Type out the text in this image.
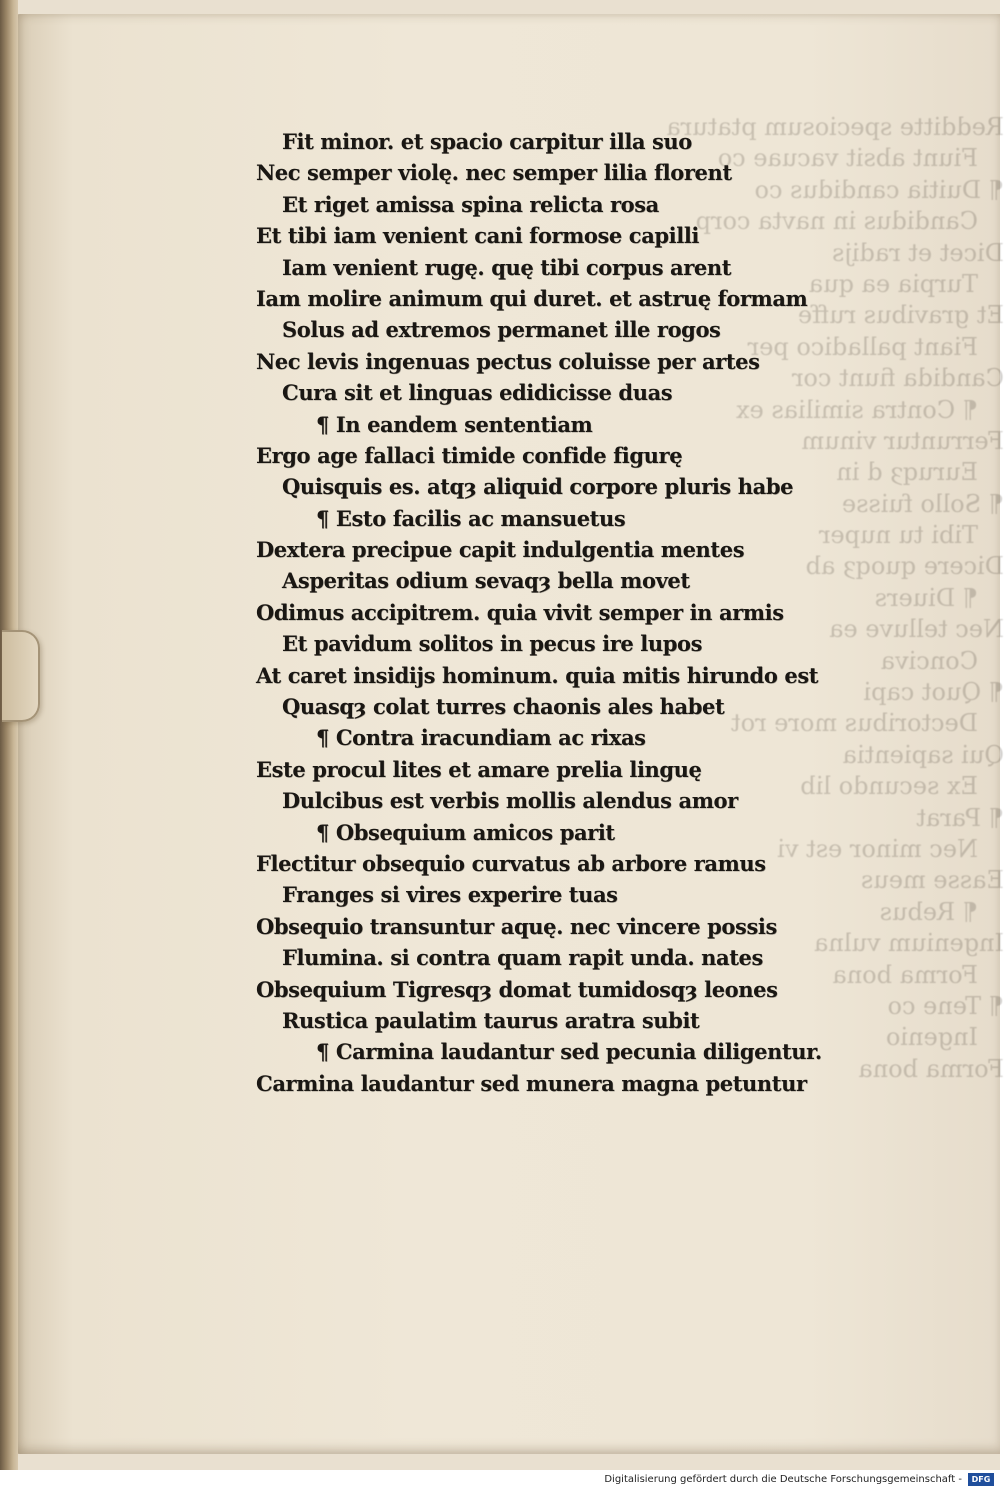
Redditte speciosum ptatura
Fiunt absit vacuae co
¶ Duitia candidus co
Candidus in navta corp
Dicet et radijs
Turpia ea qua
Et gravibus ruffe
Fiant palladico per
Candida fiunt cor
¶ Contra similias ex
Ferruntur vinum
Euruqȝ d in
¶ Sollo fuisse
Tibi tu nuper
Dicere quoqȝ ab
¶ Diuers
Nec telluve ea
Conciva
¶ Quot capi
Dectoribus more rot
Qui sapientia
Ex secundo lib
¶ Parat
Nec minor est vi
Easse meus
¶ Rebus
Ingenium vulna
Forma bona
¶ Tene co
Ingenio
Forma bona
Fit minor. et spacio carpitur illa suo
Nec semper violę. nec semper lilia florent
Et riget amissa spina relicta rosa
Et tibi iam venient cani formose capilli
Iam venient rugę. quę tibi corpus arent
Iam molire animum qui duret. et astruę formam
Solus ad extremos permanet ille rogos
Nec levis ingenuas pectus coluisse per artes
Cura sit et linguas edidicisse duas
¶ In eandem sententiam
Ergo age fallaci timide confide figurę
Quisquis es. atqȝ aliquid corpore pluris habe
¶ Esto facilis ac mansuetus
Dextera precipue capit indulgentia mentes
Asperitas odium sevaqȝ bella movet
Odimus accipitrem. quia vivit semper in armis
Et pavidum solitos in pecus ire lupos
At caret insidijs hominum. quia mitis hirundo est
Quasqȝ colat turres chaonis ales habet
¶ Contra iracundiam ac rixas
Este procul lites et amare prelia linguę
Dulcibus est verbis mollis alendus amor
¶ Obsequium amicos parit
Flectitur obsequio curvatus ab arbore ramus
Franges si vires experire tuas
Obsequio transuntur aquę. nec vincere possis
Flumina. si contra quam rapit unda. nates
Obsequium Tigresqȝ domat tumidosqȝ leones
Rustica paulatim taurus aratra subit
¶ Carmina laudantur sed pecunia diligentur.
Carmina laudantur sed munera magna petuntur
Digitalisierung gefördert durch die Deutsche Forschungsgemeinschaft -	DFG
